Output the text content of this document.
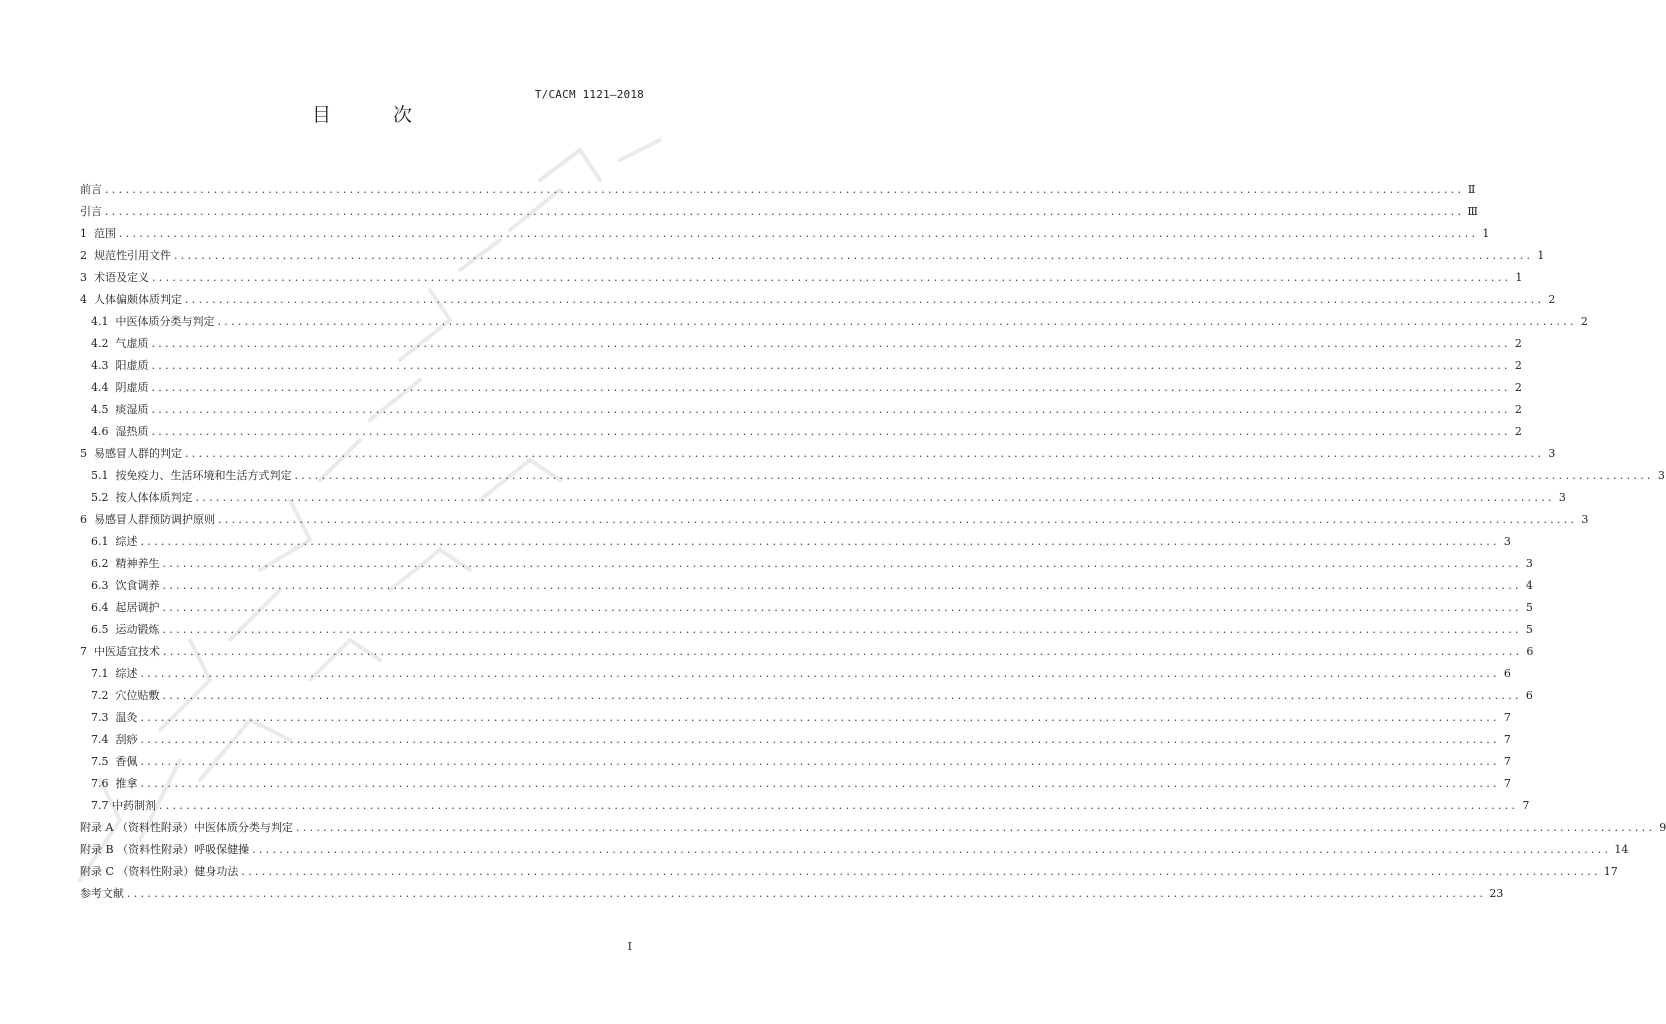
T/CACM 1121—2018
目 次
前言 ........................................................................................................................................................................................................ Ⅱ
引言 ........................................................................................................................................................................................................ Ⅲ
1  范围 ........................................................................................................................................................................................................ 1
2  规范性引用文件 ........................................................................................................................................................................................................ 1
3  术语及定义 ........................................................................................................................................................................................................ 1
4  人体偏颇体质判定 ........................................................................................................................................................................................................ 2
4.1  中医体质分类与判定 ........................................................................................................................................................................................................ 2
4.2  气虚质 ........................................................................................................................................................................................................ 2
4.3  阳虚质 ........................................................................................................................................................................................................ 2
4.4  阴虚质 ........................................................................................................................................................................................................ 2
4.5  痰湿质 ........................................................................................................................................................................................................ 2
4.6  湿热质 ........................................................................................................................................................................................................ 2
5  易感冒人群的判定 ........................................................................................................................................................................................................ 3
5.1  按免疫力、生活环境和生活方式判定 ........................................................................................................................................................................................................ 3
5.2  按人体体质判定 ........................................................................................................................................................................................................ 3
6  易感冒人群预防调护原则 ........................................................................................................................................................................................................ 3
6.1  综述 ........................................................................................................................................................................................................ 3
6.2  精神养生 ........................................................................................................................................................................................................ 3
6.3  饮食调养 ........................................................................................................................................................................................................ 4
6.4  起居调护 ........................................................................................................................................................................................................ 5
6.5  运动锻炼 ........................................................................................................................................................................................................ 5
7  中医适宜技术 ........................................................................................................................................................................................................ 6
7.1  综述 ........................................................................................................................................................................................................ 6
7.2  穴位贴敷 ........................................................................................................................................................................................................ 6
7.3  温灸 ........................................................................................................................................................................................................ 7
7.4  刮痧 ........................................................................................................................................................................................................ 7
7.5  香佩 ........................................................................................................................................................................................................ 7
7.6  推拿 ........................................................................................................................................................................................................ 7
7.7 中药制剂 ........................................................................................................................................................................................................ 7
附录 A （资料性附录）中医体质分类与判定 ........................................................................................................................................................................................................ 9
附录 B （资料性附录）呼吸保健操 ........................................................................................................................................................................................................ 14
附录 C （资料性附录）健身功法 ........................................................................................................................................................................................................ 17
参考文献 ........................................................................................................................................................................................................ 23
I
